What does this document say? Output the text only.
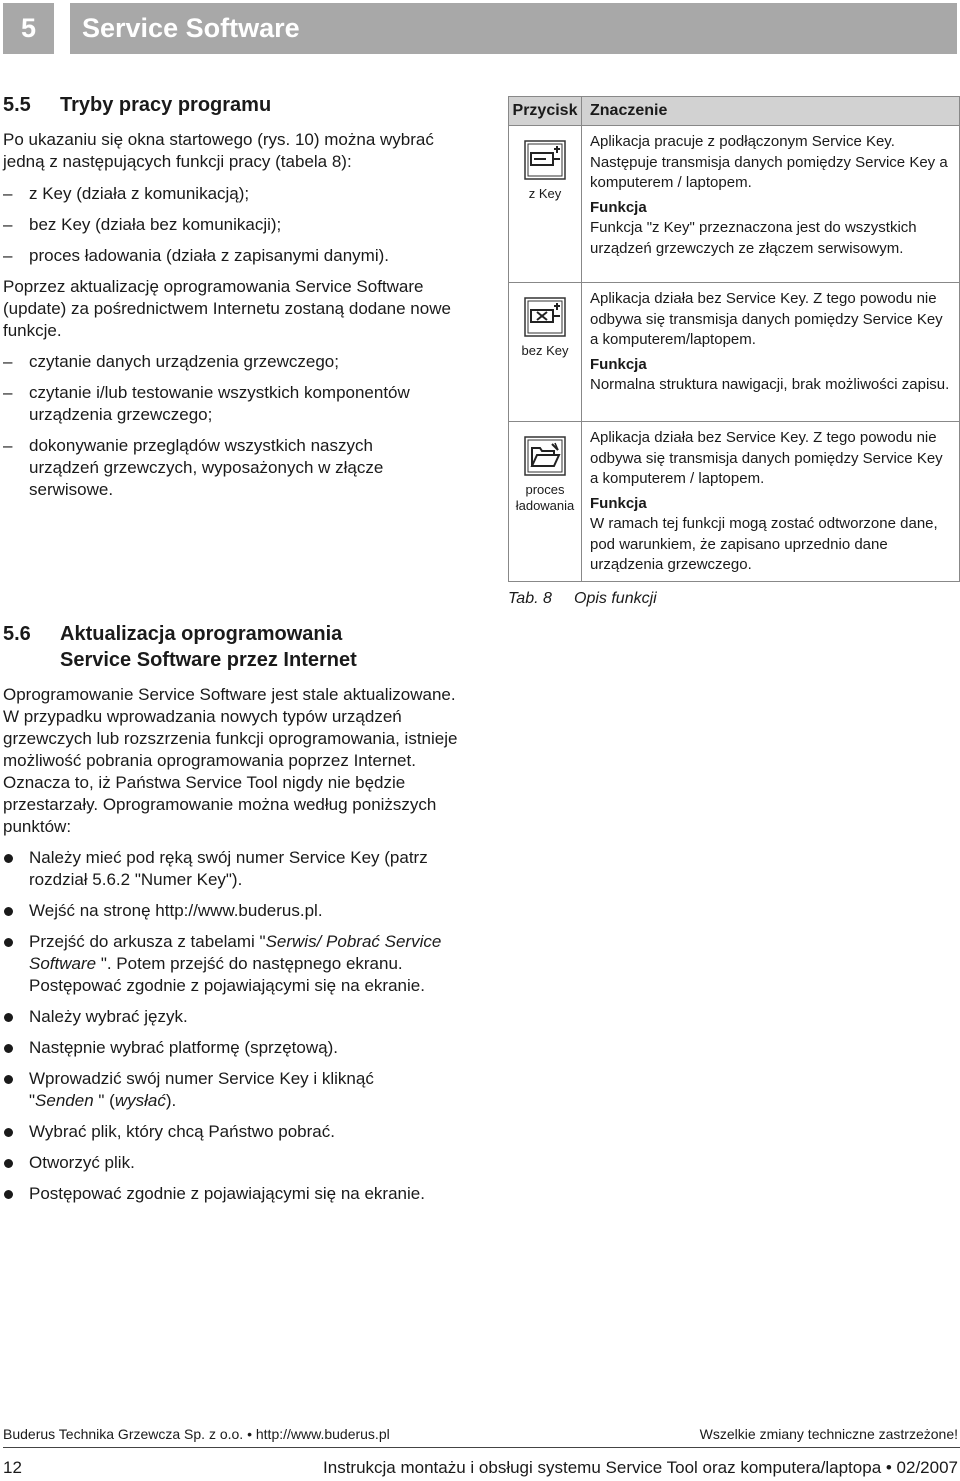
5	Service Software
5.5 Tryby pracy programu

Po ukazaniu się okna startowego (rys. 10) można wybrać jedną z następujących funkcji pracy (tabela 8):

– z Key (działa z komunikacją);
– bez Key (działa bez komunikacji);
– proces ładowania (działa z zapisanymi danymi).

Poprzez aktualizację oprogramowania Service Software (update) za pośrednictwem Internetu zostaną dodane nowe funkcje.

– czytanie danych urządzenia grzewczego;
– czytanie i/lub testowanie wszystkich komponentów urządzenia grzewczego;
– dokonywanie przeglądów wszystkich naszych urządzeń grzewczych, wyposażonych w złącze serwisowe.
Przycisk	Znaczenie

z Key	Aplikacja pracuje z podłączonym Service Key. Następuje transmisja danych pomiędzy Service Key a komputerem / laptopem.
Funkcja
Funkcja "z Key" przeznaczona jest do wszystkich urządzeń grzewczych ze złączem serwisowym.

bez Key	Aplikacja działa bez Service Key. Z tego powodu nie odbywa się transmisja danych pomiędzy Service Key a komputerem/laptopem.
Funkcja
Normalna struktura nawigacji, brak możliwości zapisu.

proces ładowania	Aplikacja działa bez Service Key. Z tego powodu nie odbywa się transmisja danych pomiędzy Service Key a komputerem / laptopem.
Funkcja
W ramach tej funkcji mogą zostać odtworzone dane, pod warunkiem, że zapisano uprzednio dane urządzenia grzewczego.
Tab. 8 Opis funkcji
5.6	Aktualizacja oprogramowania
Service Software przez Internet

Oprogramowanie Service Software jest stale aktualizowane. W przypadku wprowadzania nowych typów urządzeń grzewczych lub rozszrzenia funkcji oprogramowania, istnieje możliwość pobrania oprogramowania poprzez Internet. Oznacza to, iż Państwa Service Tool nigdy nie będzie przestarzały. Oprogramowanie można według poniższych punktów:

Należy mieć pod ręką swój numer Service Key (patrz rozdział 5.6.2 "Numer Key").
Wejść na stronę http://www.buderus.pl.
Przejść do arkusza z tabelami "Serwis/ Pobrać Service Software ". Potem przejść do następnego ekranu. Postępować zgodnie z pojawiającymi się na ekranie.
Należy wybrać język.
Następnie wybrać platformę (sprzętową).
Wprowadzić swój numer Service Key i kliknąć "Senden " (wysłać).
Wybrać plik, który chcą Państwo pobrać.
Otworzyć plik.
Postępować zgodnie z pojawiającymi się na ekranie.
Buderus Technika Grzewcza Sp. z o.o. • http://www.buderus.pl	Wszelkie zmiany techniczne zastrzeżone!
12	Instrukcja montażu i obsługi systemu Service Tool oraz komputera/laptopa • 02/2007
